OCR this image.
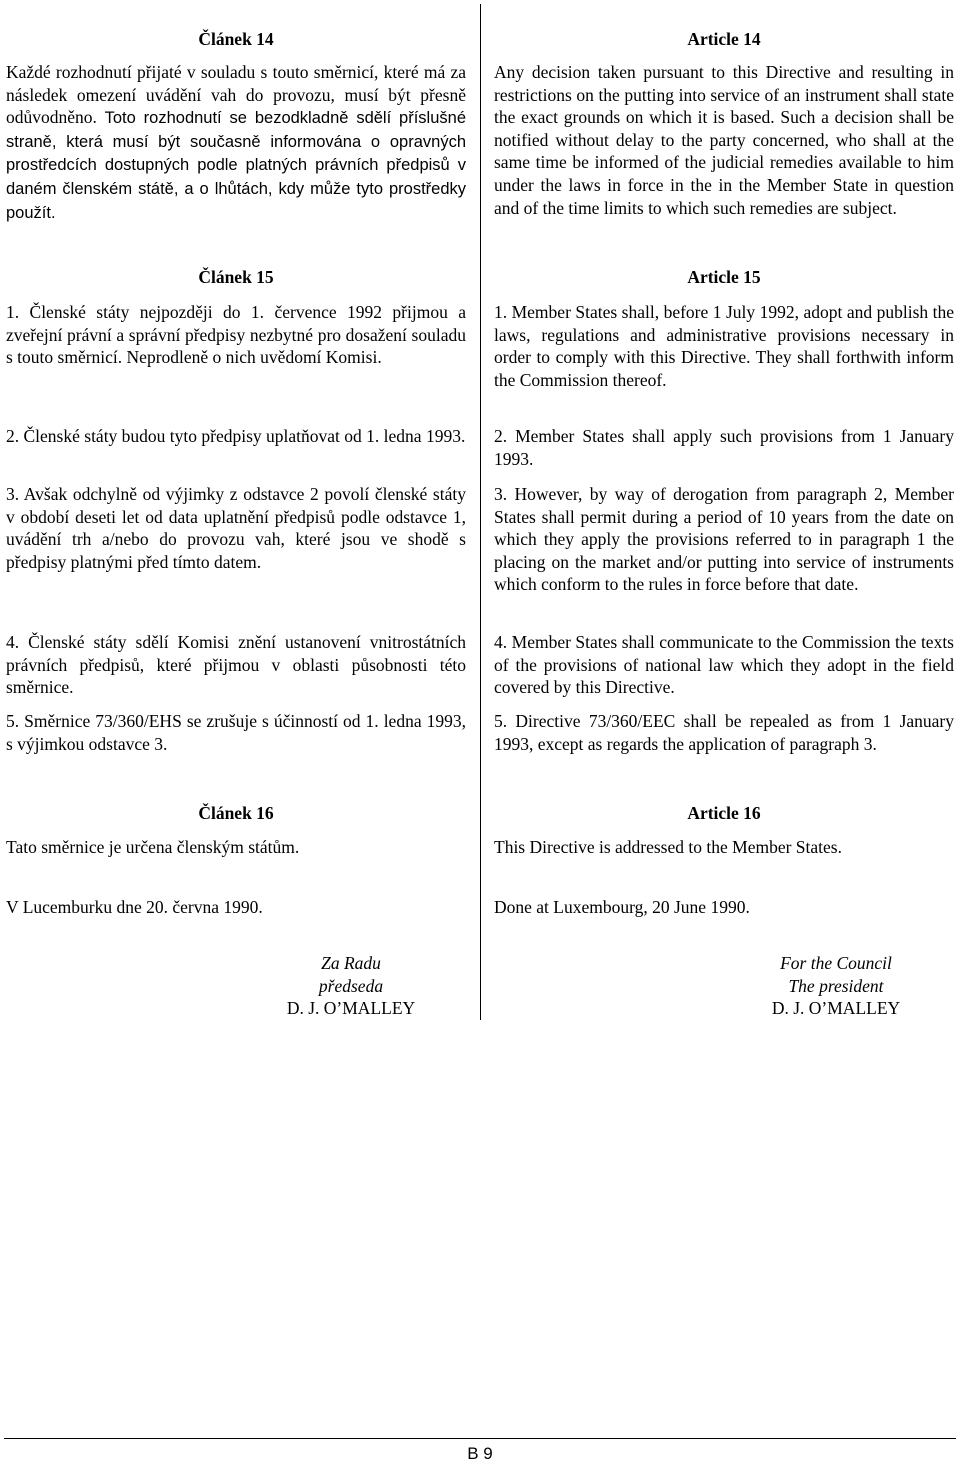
Článek 14

Každé rozhodnutí přijaté v souladu s touto směrnicí, které má za následek omezení uvádění vah do provozu, musí být přesně odůvodněno. Toto rozhodnutí se bezodkladně sdělí příslušné straně, která musí být současně informována o opravných prostředcích dostupných podle platných právních předpisů v daném členském státě, a o lhůtách, kdy může tyto prostředky použít.

Článek 15

1. Členské státy nejpozději do 1. července 1992 přijmou a zveřejní právní a správní předpisy nezbytné pro dosažení souladu s touto směrnicí. Neprodleně o nich uvědomí Komisi.

2. Členské státy budou tyto předpisy uplatňovat od 1. ledna 1993.

3. Avšak odchylně od výjimky z odstavce 2 povolí členské státy v období deseti let od data uplatnění předpisů podle odstavce 1, uvádění trh a/nebo do provozu vah, které jsou ve shodě s předpisy platnými před tímto datem.

4. Členské státy sdělí Komisi znění ustanovení vnitrostátních právních předpisů, které přijmou v oblasti působnosti této směrnice.

5. Směrnice 73/360/EHS se zrušuje s účinností od 1. ledna 1993, s výjimkou odstavce 3.

Článek 16

Tato směrnice je určena členským státům.

V Lucemburku dne 20. června 1990.

Za Radu
předseda
D. J. O’MALLEY
Article 14

Any decision taken pursuant to this Directive and resulting in restrictions on the putting into service of an instrument shall state the exact grounds on which it is based. Such a decision shall be notified without delay to the party concerned, who shall at the same time be informed of the judicial remedies available to him under the laws in force in the in the Member State in question and of the time limits to which such remedies are subject.

Article 15

1. Member States shall, before 1 July 1992, adopt and publish the laws, regulations and administrative provisions necessary in order to comply with this Directive. They shall forthwith inform the Commission thereof.

2. Member States shall apply such provisions from 1 January 1993.

3. However, by way of derogation from paragraph 2, Member States shall permit during a period of 10 years from the date on which they apply the provisions referred to in paragraph 1 the placing on the market and/or putting into service of instruments which conform to the rules in force before that date.

4. Member States shall communicate to the Commission the texts of the provisions of national law which they adopt in the field covered by this Directive.

5. Directive 73/360/EEC shall be repealed as from 1 January 1993, except as regards the application of paragraph 3.

Article 16

This Directive is addressed to the Member States.

Done at Luxembourg, 20 June 1990.

For the Council
The president
D. J. O’MALLEY
B 9
